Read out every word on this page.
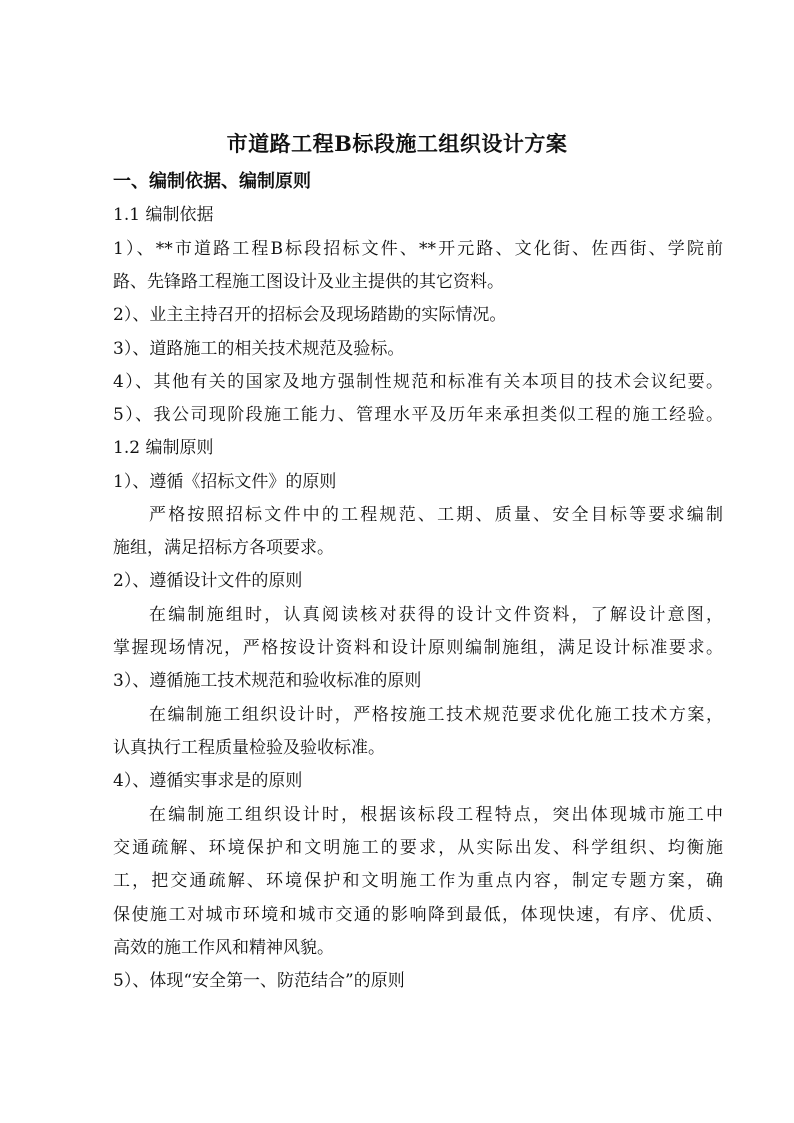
市道路工程B标段施工组织设计方案
一、编制依据、编制原则
1.1 编制依据
1）、**市道路工程B标段招标文件、**开元路、文化街、佐西街、学院前
路、先锋路工程施工图设计及业主提供的其它资料。
2）、业主主持召开的招标会及现场踏勘的实际情况。
3）、道路施工的相关技术规范及验标。
4）、其他有关的国家及地方强制性规范和标准有关本项目的技术会议纪要。
5）、我公司现阶段施工能力、管理水平及历年来承担类似工程的施工经验。
1.2 编制原则
1）、遵循《招标文件》的原则
严格按照招标文件中的工程规范、工期、质量、安全目标等要求编制
施组，满足招标方各项要求。
2）、遵循设计文件的原则
在编制施组时，认真阅读核对获得的设计文件资料，了解设计意图，
掌握现场情况，严格按设计资料和设计原则编制施组，满足设计标准要求。
3）、遵循施工技术规范和验收标准的原则
在编制施工组织设计时，严格按施工技术规范要求优化施工技术方案，
认真执行工程质量检验及验收标准。
4）、遵循实事求是的原则
在编制施工组织设计时，根据该标段工程特点，突出体现城市施工中
交通疏解、环境保护和文明施工的要求，从实际出发、科学组织、均衡施
工，把交通疏解、环境保护和文明施工作为重点内容，制定专题方案，确
保使施工对城市环境和城市交通的影响降到最低，体现快速，有序、优质、
高效的施工作风和精神风貌。
5）、体现“安全第一、防范结合”的原则
